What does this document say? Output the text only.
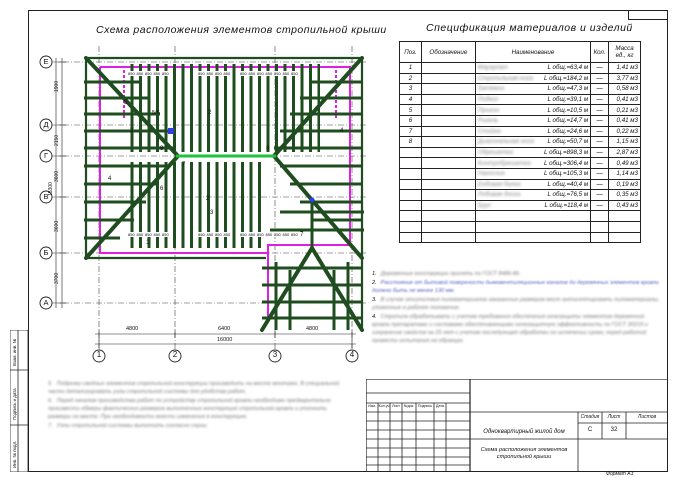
Схема расположения элементов стропильной крыши	Спецификация материалов и изделий
1	2	3	4
Е
Д
Г
В
Б
А
4800	6400	4800
16000
1900
2150
3600
3600
3700
15300
1
2
2
2
3
4
4
5
6
7
7
8	8
5/6
Поз.	Обозначение	Наименование	Кол.	Масса ед., кг
1		Мауэрлат L общ.=63,4 м	—	1,41 м3
2		Стропильная нога L общ.=184,2 м	—	3,77 м3
3		Затяжка L общ.=47,3 м	—	0,58 м3
4		Подкос L общ.=39,1 м	—	0,41 м3
5		Прогон L общ.=10,5 м	—	0,21 м3
6		Ригель L общ.=14,7 м	—	0,41 м3
7		Стойка L общ.=24,6 м	—	0,22 м3
8		Диагональная нога L общ.=50,7 м	—	1,15 м3
		Обрешетка L общ.=898,3 м	—	2,87 м3
		Контробрешетка L общ.=306,4 м	—	0,49 м3
		Накосник L общ.=105,3 м	—	1,14 м3
		Ендовая балка L общ.=40,4 м	—	0,19 м3
		Лобовая доска L общ.=76,5 м	—	0,35 м3
		Брус L общ.=118,4 м	—	0,43 м3

1. Деревянные конструкции принять по ГОСТ 8486-86.

2. Расстояние от бытовой поверхности дымовентиляционных каналов до деревянных элементов кровли должно быть не менее 130 мм.

3. В случае отсутствия пиломатериалов заказанных размеров мест антисептировать пиломатериалы, уложенные в рабочее положение.

4. Стропила обрабатывать с учетом требования обеспечения огнезащиты элементов деревянной кровли препаратами и составами обеспечивающими огнезащитную эффективность по ГОСТ 30219 и сохранение свойств на 25 лет с учетом последующей обработки по истечении срока; перед работой провести испытания на образцах.

5. Подрезку сводных элементов стропильной конструкции производить на месте монтажа. В специальной части детализировать узлы стропильной системы для удобства работ.

6. Перед началом производства работ по устройству стропильной кровли необходимо предварительно произвести обмеры фактических размеров выполненных конструкций стропильной кровли и уточнить размеры на месте. При необходимости внести изменения в конструкцию.

7. Узлы стропильной системы выполнить согласно серии.

Изм. Кол.уч Лист	№док.	Подпись	Дата
Одноквартирный жилой дом
Стадия	Лист	Листов
С	32
Схема расположения элементов стропильной крыши
Формат А3
Взам. инв. №
Подпись и дата
Инв. № подл.
850
850
850
850
850
850
850
850
850
850
850
850
850
850
850
850
850
850
850
850
850
850
850
850
850
850
850
850
850
850
850
850
